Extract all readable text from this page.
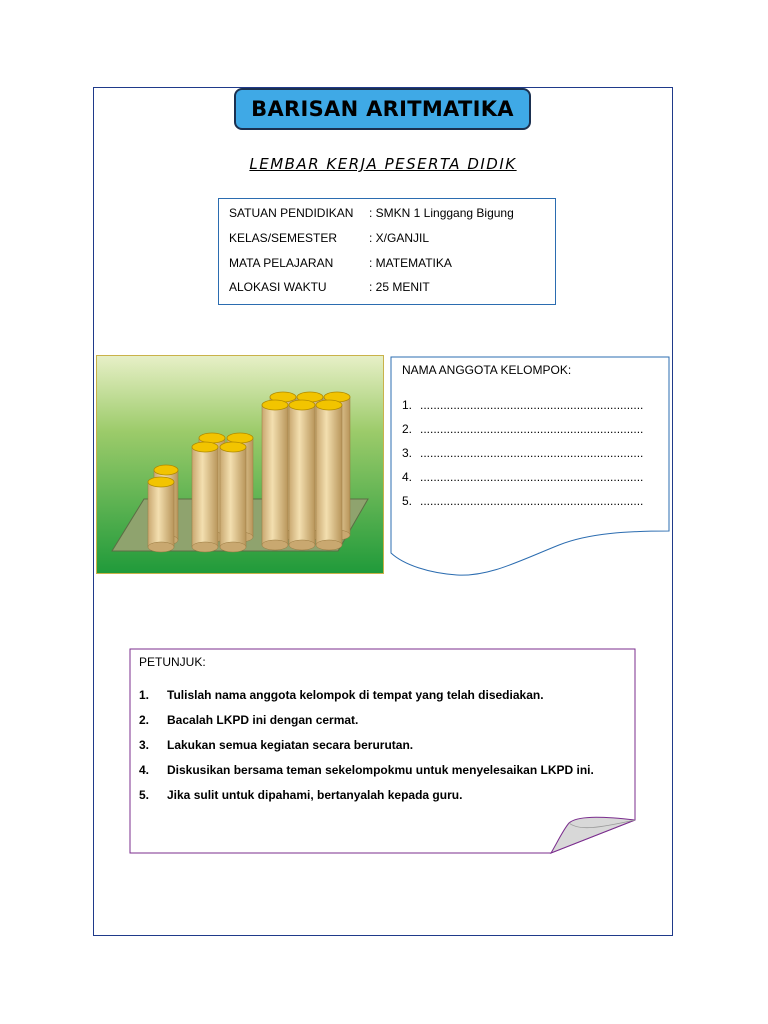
BARISAN ARITMATIKA
LEMBAR KERJA PESERTA DIDIK
SATUAN PENDIDIKAN : SMKN 1 Linggang Bigung
KELAS/SEMESTER	: X/GANJIL
MATA PELAJARAN	: MATEMATIKA
ALOKASI WAKTU	: 25 MENIT
NAMA ANGGOTA KELOMPOK:
1. ...................................................................
2. ...................................................................
3. ...................................................................
4. ...................................................................
5. ...................................................................
PETUNJUK:
1. Tulislah nama anggota kelompok di tempat yang telah disediakan.
2. Bacalah LKPD ini dengan cermat.
3. Lakukan semua kegiatan secara berurutan.
4. Diskusikan bersama teman sekelompokmu untuk menyelesaikan LKPD ini.
5. Jika sulit untuk dipahami, bertanyalah kepada guru.
